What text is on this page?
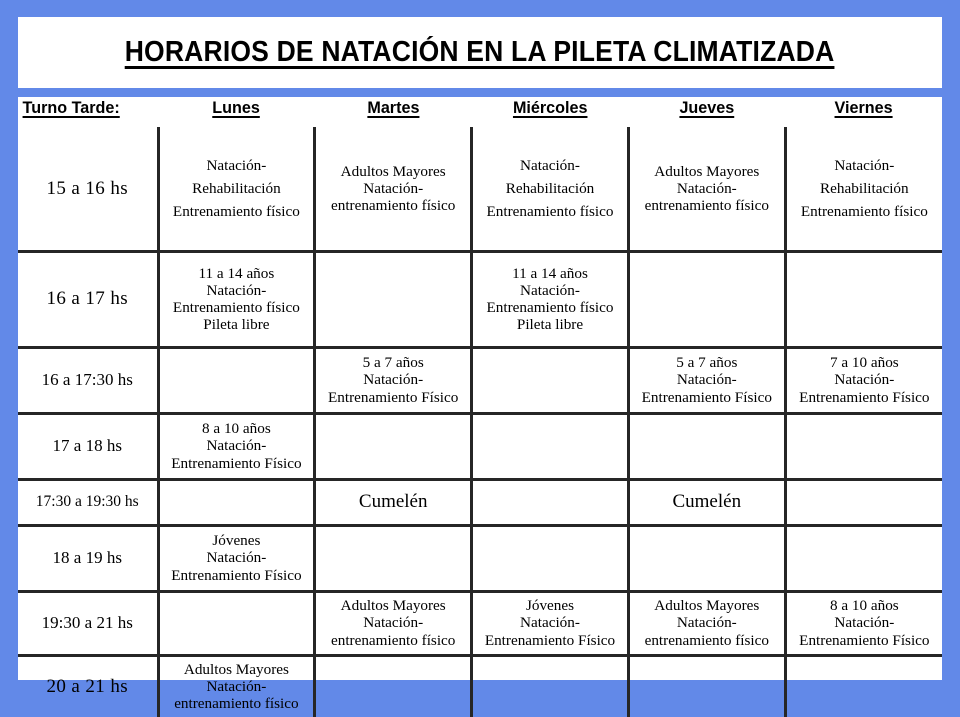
HORARIOS DE NATACIÓN EN LA PILETA CLIMATIZADA
Turno Tarde:	Lunes	Martes	Miércoles	Jueves	Viernes
15 a 16 hs	Natación-
Rehabilitación
Entrenamiento físico	Adultos Mayores
Natación-
entrenamiento físico	Natación-
Rehabilitación
Entrenamiento físico	Adultos Mayores
Natación-
entrenamiento físico	Natación-
Rehabilitación
Entrenamiento físico

16 a 17 hs	11 a 14 años
Natación-
Entrenamiento físico
Pileta libre		11 a 14 años
Natación-
Entrenamiento físico
Pileta libre		

16 a 17:30 hs		5 a 7 años
Natación-
Entrenamiento Físico		5 a 7 años
Natación-
Entrenamiento Físico	7 a 10 años
Natación-
Entrenamiento Físico

17 a 18 hs	8 a 10 años
Natación-
Entrenamiento Físico				

17:30 a 19:30 hs		Cumelén		Cumelén	

18 a 19 hs	Jóvenes
Natación-
Entrenamiento Físico				

19:30 a 21 hs		Adultos Mayores
Natación-
entrenamiento físico	Jóvenes
Natación-
Entrenamiento Físico	Adultos Mayores
Natación-
entrenamiento físico	8 a 10 años
Natación-
Entrenamiento Físico

20 a 21 hs	Adultos Mayores
Natación-
entrenamiento físico				
